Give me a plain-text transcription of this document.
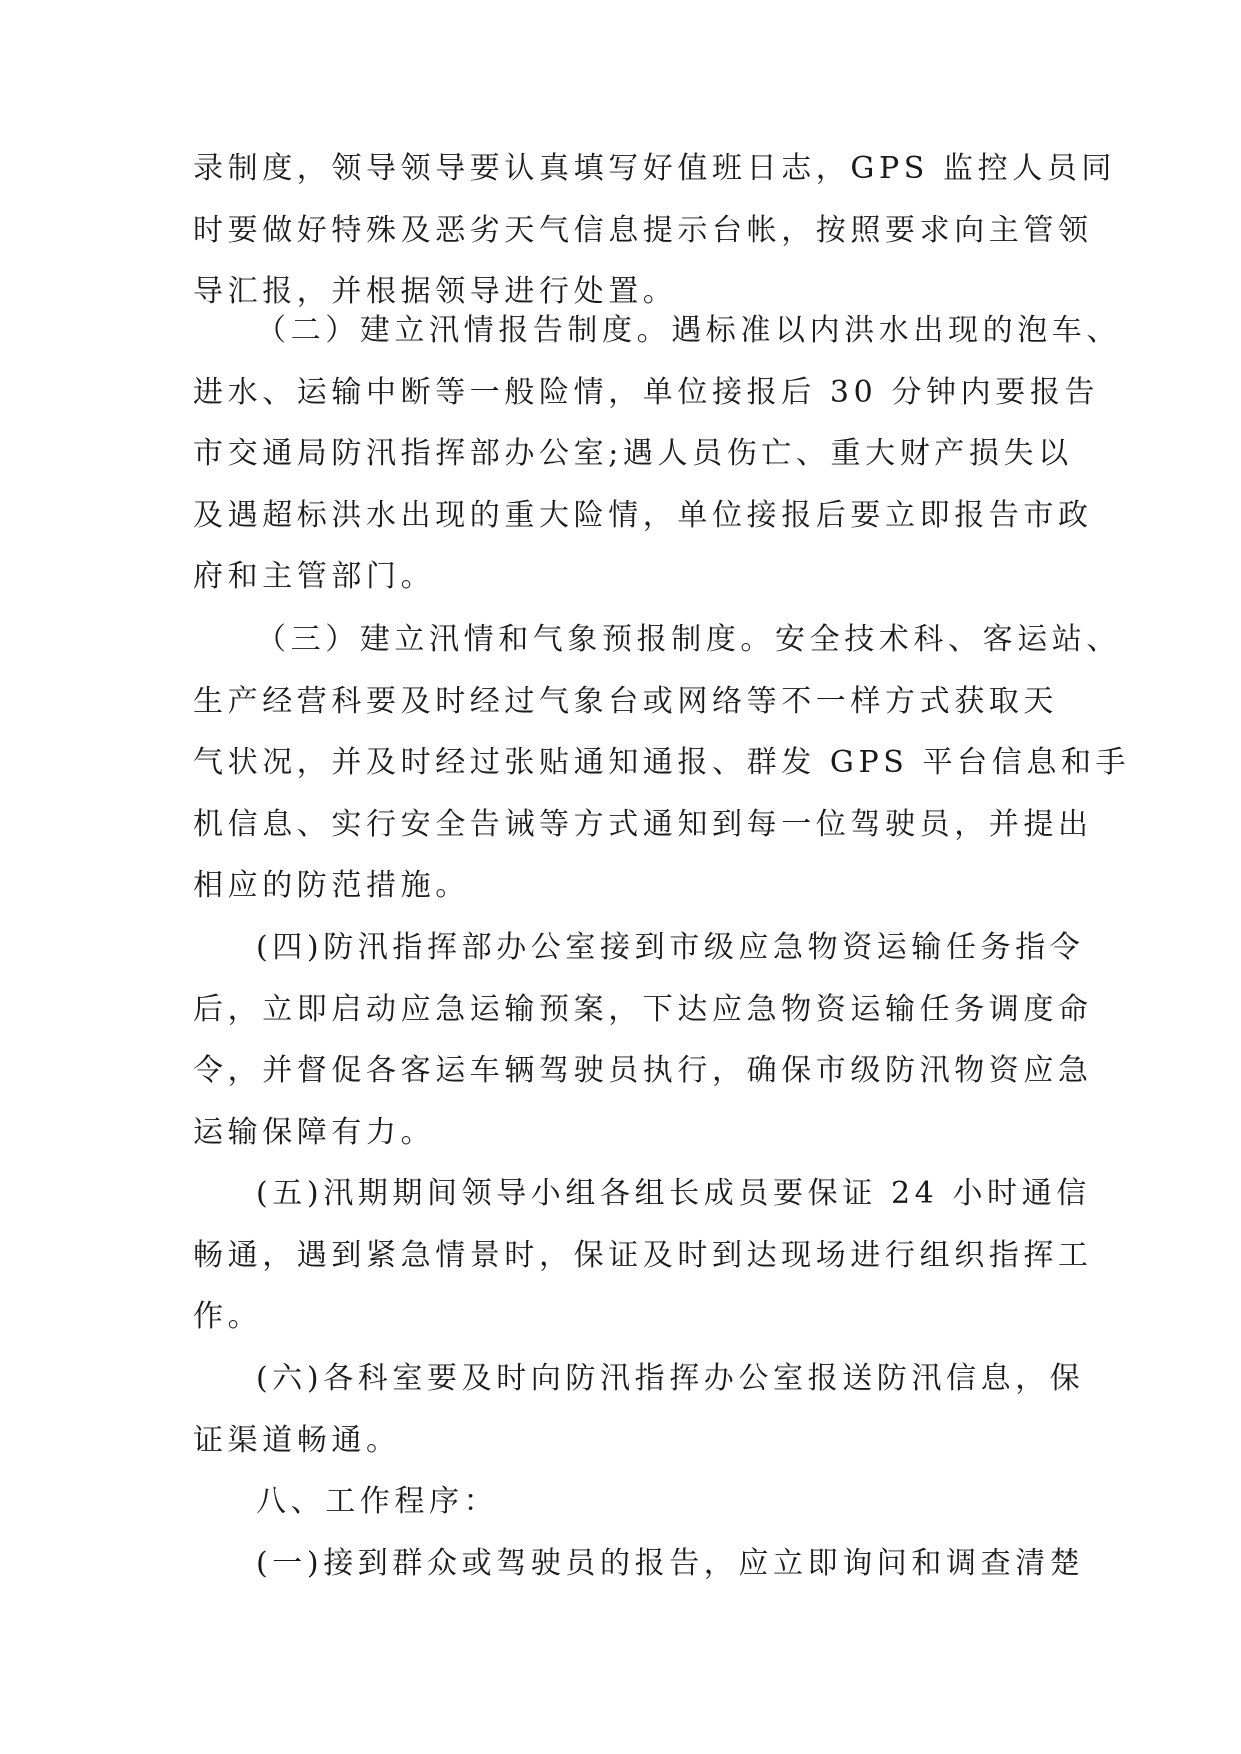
录制度，领导领导要认真填写好值班日志，GPS 监控人员同
时要做好特殊及恶劣天气信息提示台帐，按照要求向主管领
导汇报，并根据领导进行处置。
（二）建立汛情报告制度。遇标准以内洪水出现的泡车、
进水、运输中断等一般险情，单位接报后 30 分钟内要报告
市交通局防汛指挥部办公室;遇人员伤亡、重大财产损失以
及遇超标洪水出现的重大险情，单位接报后要立即报告市政
府和主管部门。
（三）建立汛情和气象预报制度。安全技术科、客运站、
生产经营科要及时经过气象台或网络等不一样方式获取天
气状况，并及时经过张贴通知通报、群发 GPS 平台信息和手
机信息、实行安全告诫等方式通知到每一位驾驶员，并提出
相应的防范措施。
(四)防汛指挥部办公室接到市级应急物资运输任务指令
后，立即启动应急运输预案，下达应急物资运输任务调度命
令，并督促各客运车辆驾驶员执行，确保市级防汛物资应急
运输保障有力。
(五)汛期期间领导小组各组长成员要保证 24 小时通信
畅通，遇到紧急情景时，保证及时到达现场进行组织指挥工
作。
(六)各科室要及时向防汛指挥办公室报送防汛信息，保
证渠道畅通。
八、工作程序：
(一)接到群众或驾驶员的报告，应立即询问和调查清楚
